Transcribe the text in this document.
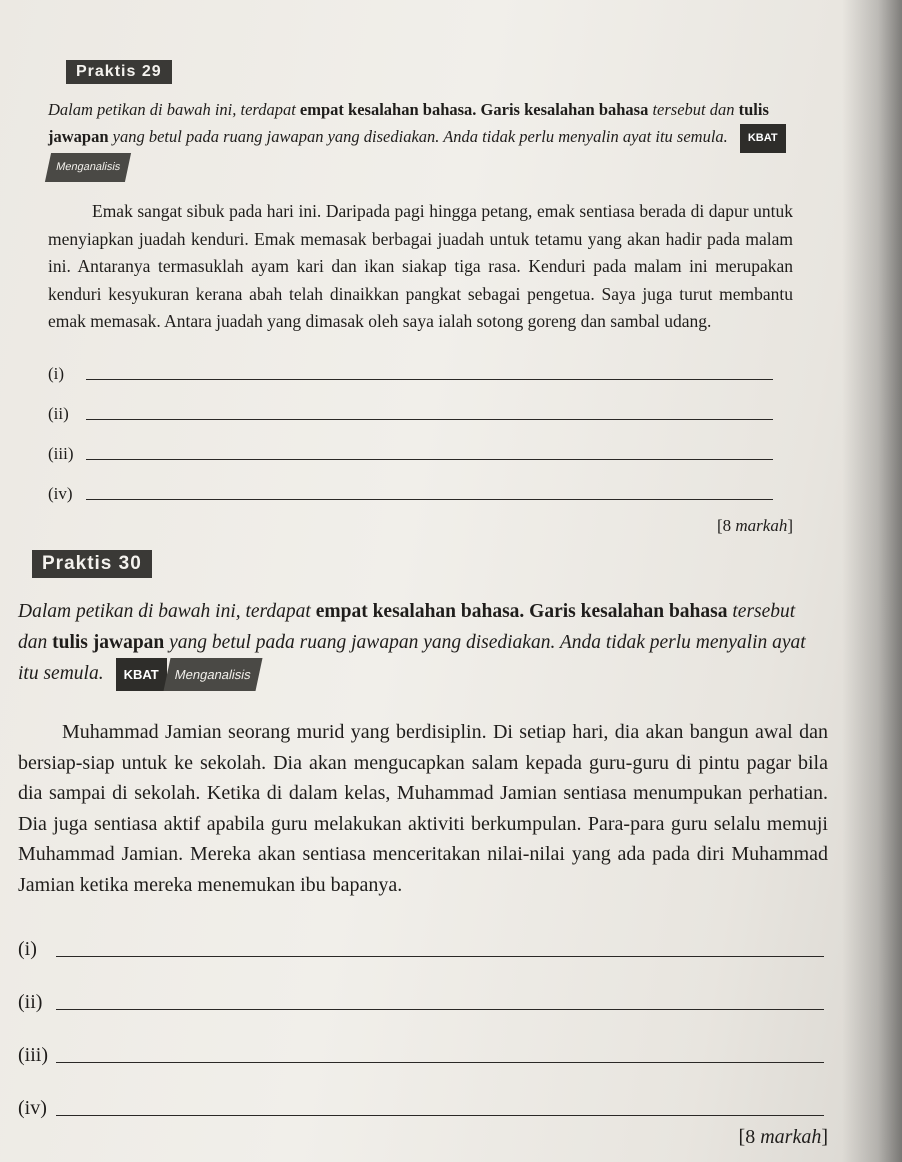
Praktis 29

Dalam petikan di bawah ini, terdapat empat kesalahan bahasa. Garis kesalahan bahasa tersebut dan tulis jawapan yang betul pada ruang jawapan yang disediakan. Anda tidak perlu menyalin ayat itu semula. KBATMenganalisis

Emak sangat sibuk pada hari ini. Daripada pagi hingga petang, emak sentiasa berada di dapur untuk menyiapkan juadah kenduri. Emak memasak berbagai juadah untuk tetamu yang akan hadir pada malam ini. Antaranya termasuklah ayam kari dan ikan siakap tiga rasa. Kenduri pada malam ini merupakan kenduri kesyukuran kerana abah telah dinaikkan pangkat sebagai pengetua. Saya juga turut membantu emak memasak. Antara juadah yang dimasak oleh saya ialah sotong goreng dan sambal udang.

(i)
(ii)
(iii)
(iv)
[8 markah]
Praktis 30

Dalam petikan di bawah ini, terdapat empat kesalahan bahasa. Garis kesalahan bahasa tersebut dan tulis jawapan yang betul pada ruang jawapan yang disediakan. Anda tidak perlu menyalin ayat itu semula. KBAT Menganalisis

Muhammad Jamian seorang murid yang berdisiplin. Di setiap hari, dia akan bangun awal dan bersiap-siap untuk ke sekolah. Dia akan mengucapkan salam kepada guru-guru di pintu pagar bila dia sampai di sekolah. Ketika di dalam kelas, Muhammad Jamian sentiasa menumpukan perhatian. Dia juga sentiasa aktif apabila guru melakukan aktiviti berkumpulan. Para-para guru selalu memuji Muhammad Jamian. Mereka akan sentiasa menceritakan nilai-nilai yang ada pada diri Muhammad Jamian ketika mereka menemukan ibu bapanya.

(i)
(ii)
(iii)
(iv)
[8 markah]
